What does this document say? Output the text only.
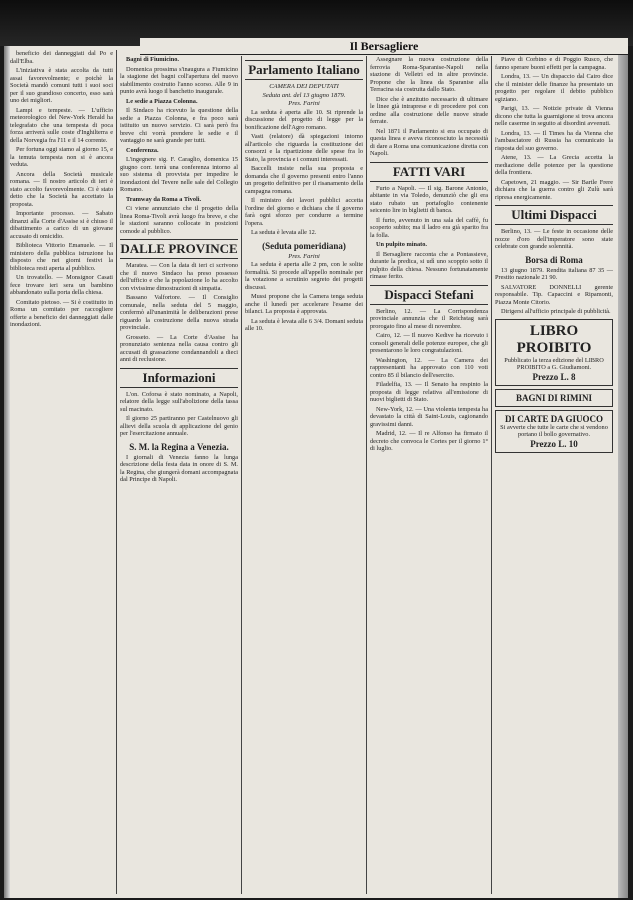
Il Bersagliere

beneficio dei danneggiati dal Po e dall'Elba.

L'iniziativa è stata accolta da tutti assai favorevolmente; e poichè la Società mandò comuni tutti i suoi soci per il suo grandioso concerto, esso sarà uno dei migliori.

Lampi e tempeste. — L'ufficio meteorologico del New-York Herald ha telegrafato che una tempesta di poca forza arriverà sulle coste d'Inghilterra e della Norvegia fra l'11 e il 14 corrente.

Per fortuna oggi siamo al giorno 15, e la temuta tempesta non si è ancora veduta.

Ancora della Società musicale romana. — Il nostro articolo di ieri è stato accolto favorevolmente. Ci è stato detto che la Società ha accettato la proposta.

Importante processo. — Sabato dinanzi alla Corte d'Assise si è chiuso il dibattimento a carico di un giovane accusato di omicidio.

Biblioteca Vittorio Emanuele. — Il ministero della pubblica istruzione ha disposto che nei giorni festivi la biblioteca resti aperta al pubblico.

Un trovatello. — Monsignor Casati fece trovare ieri sera un bambino abbandonato sulla porta della chiesa.

Comitato pietoso. — Si è costituito in Roma un comitato per raccogliere offerte a beneficio dei danneggiati dalle inondazioni.

Bagni di Fiumicino.

Domenica prossima s'inaugura a Fiumicino la stagione dei bagni coll'apertura del nuovo stabilimento costruito l'anno scorso. Alle 9 in punto avrà luogo il banchetto inaugurale.

Le sedie a Piazza Colonna.

Il Sindaco ha ricevuto la questione della sedie a Piazza Colonna, e fra poco sarà istituito un nuovo servizio. Ci sarà però fra breve chi vorrà prendere le sedie e il vantaggio ne sarà grande per tutti.

Conferenza.

L'ingegnere sig. F. Caraglio, domenica 15 giugno corr. terrà una conferenza intorno al suo sistema di provvista per impedire le inondazioni del Tevere nelle sale del Collegio Romano.

Tramway da Roma a Tivoli.

Ci viene annunziato che il progetto della linea Roma-Tivoli avrà luogo fra breve, e che le stazioni saranno collocate in posizioni comode al pubblico.

DALLE PROVINCE

Maratea. — Con la data di ieri ci scrivono che il nuovo Sindaco ha preso possesso dell'ufficio e che la popolazione lo ha accolto con vivissime dimostrazioni di simpatia.

Bassano Valfortore. — Il Consiglio comunale, nella seduta del 5 maggio, confermò all'unanimità le deliberazioni prese riguardo la costruzione della nuova strada provinciale.

Grosseto. — La Corte d'Assise ha pronunziato sentenza nella causa contro gli accusati di grassazione condannandoli a dieci anni di reclusione.

Informazioni

L'on. Coforsa è stato nominato, a Napoli, relatore della legge sull'abolizione della tassa sul macinato.

Il giorno 25 partiranno per Castelnuovo gli allievi della scuola di applicazione del genio per l'esercitazione annuale.

S. M. la Regina a Venezia.

I giornali di Venezia fanno la lunga descrizione della festa data in onore di S. M. la Regina, che giungerà domani accompagnata dal Principe di Napoli.

Parlamento Italiano

CAMERA DEI DEPUTATI

Seduta ant. del 13 giugno 1879.

Pres. Farini

La seduta è aperta alle 10. Si riprende la discussione del progetto di legge per la bonificazione dell'Agro romano.

Vasti (relatore) dà spiegazioni intorno all'articolo che riguarda la costituzione dei consorzi e la ripartizione delle spese fra lo Stato, la provincia e i comuni interessati.

Baccelli insiste nella sua proposta e domanda che il governo presenti entro l'anno un progetto definitivo per il risanamento della campagna romana.

Il ministro dei lavori pubblici accetta l'ordine del giorno e dichiara che il governo farà ogni sforzo per condurre a termine l'opera.

La seduta è levata alle 12.

(Seduta pomeridiana)

Pres. Farini

La seduta è aperta alle 2 pm, con le solite formalità. Si procede all'appello nominale per la votazione a scrutinio segreto dei progetti discussi.

Mussi propone che la Camera tenga seduta anche il lunedì per accelerare l'esame dei bilanci. La proposta è approvata.

La seduta è levata alle 6 3/4. Domani seduta alle 10.

Assegnare la nuova costruzione della ferrovia Roma-Sparanise-Napoli nella stazione di Velletri ed in altre provincie. Propone che la linea da Sparanise alla Terracina sia costruita dallo Stato.

Dice che è anzitutto necessario di ultimare le linee già intraprese e di procedere poi con ordine alla costruzione delle nuove strade ferrate.

Nel 1871 il Parlamento si era occupato di questa linea e aveva riconosciuto la necessità di dare a Roma una comunicazione diretta con Napoli.

FATTI VARI

Furto a Napoli. — Il sig. Barone Antonio, abitante in via Toledo, denunziò che gli era stato rubato un portafoglio contenente seicento lire in biglietti di banca.

Il furto, avvenuto in una sala del caffè, fu scoperto subito; ma il ladro era già sparito fra la folla.

Un pulpito minato.

Il Bersagliere racconta che a Pontassieve, durante la predica, si udì uno scoppio sotto il pulpito della chiesa. Nessuno fortunatamente rimase ferito.

Dispacci Stefani

Berlino, 12. — La Corrispondenza provinciale annunzia che il Reichstag sarà prorogato fino al mese di novembre.

Cairo, 12. — Il nuovo Kedive ha ricevuto i consoli generali delle potenze europee, che gli presentarono le loro congratulazioni.

Washington, 12. — La Camera dei rappresentanti ha approvato con 110 voti contro 85 il bilancio dell'esercito.

Filadelfia, 13. — Il Senato ha respinto la proposta di legge relativa all'emissione di nuovi biglietti di Stato.

New-York, 12. — Una violenta tempesta ha devastato la città di Saint-Louis, cagionando gravissimi danni.

Madrid, 12. — Il re Alfonso ha firmato il decreto che convoca le Cortes per il giorno 1° di luglio.

Piave di Corbino e di Poggio Rusco, che fanno sperare buoni effetti per la campagna.

Londra, 13. — Un dispaccio dal Cairo dice che il minister delle finanze ha presentato un progetto per regolare il debito pubblico egiziano.

Parigi, 13. — Notizie private di Vienna dicono che tutta la guarnigione si trova ancora nelle caserme in seguito ai disordini avvenuti.

Londra, 13. — Il Times ha da Vienna che l'ambasciatore di Russia ha comunicato la risposta del suo governo.

Atene, 13. — La Grecia accetta la mediazione delle potenze per la questione della frontiera.

Capetown, 21 maggio. — Sir Bartle Frere dichiara che la guerra contro gli Zulù sarà ripresa energicamente.

Ultimi Dispacci

Berlino, 13. — Le feste in occasione delle nozze d'oro dell'imperatore sono state celebrate con grande solennità.

Borsa di Roma

13 giugno 1879. Rendita italiana 87 35 — Prestito nazionale 21 90.

SALVATORE DONNELLI gerente responsabile. Tip. Capaccini e Ripamonti, Piazza Monte Citorio.

Dirigersi all'ufficio principale di pubblicità.

LIBRO
PROIBITO
Pubblicato la terza edizione del LIBRO PROIBITO a G. Giudiamoni.
Prezzo L. 8
BAGNI DI RIMINI
DI CARTE DA GIUOCO
Si avverte che tutte le carte che si vendono portano il bollo governativo.
Prezzo L. 10
